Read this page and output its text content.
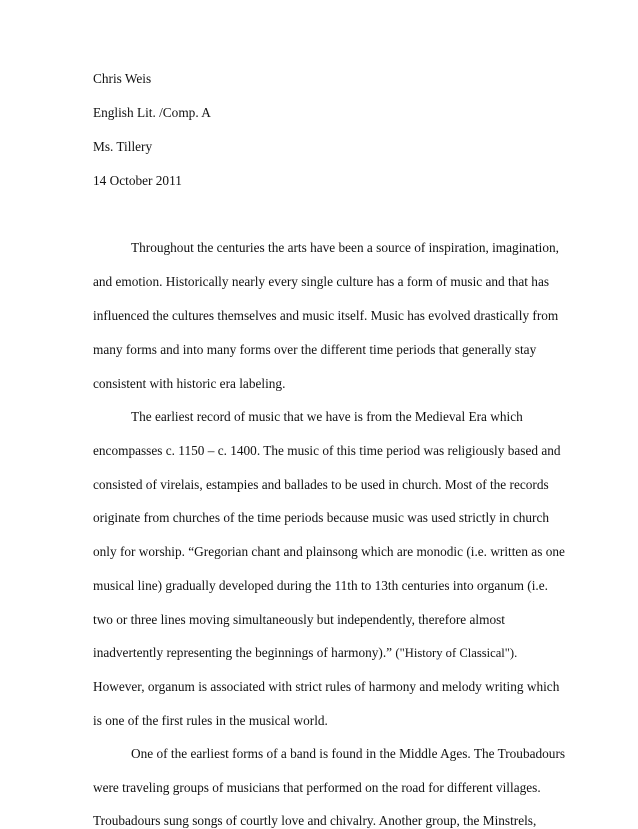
Chris Weis
English Lit. /Comp. A
Ms. Tillery
14 October 2011
Throughout the centuries the arts have been a source of inspiration, imagination,
and emotion. Historically nearly every single culture has a form of music and that has
influenced the cultures themselves and music itself. Music has evolved drastically from
many forms and into many forms over the different time periods that generally stay
consistent with historic era labeling.
The earliest record of music that we have is from the Medieval Era which
encompasses c. 1150 – c. 1400. The music of this time period was religiously based and
consisted of virelais, estampies and ballades to be used in church. Most of the records
originate from churches of the time periods because music was used strictly in church
only for worship. “Gregorian chant and plainsong which are monodic (i.e. written as one
musical line) gradually developed during the 11th to 13th centuries into organum (i.e.
two or three lines moving simultaneously but independently, therefore almost
inadvertently representing the beginnings of harmony).” ("History of Classical").
However, organum is associated with strict rules of harmony and melody writing which
is one of the first rules in the musical world.
One of the earliest forms of a band is found in the Middle Ages. The Troubadours
were traveling groups of musicians that performed on the road for different villages.
Troubadours sung songs of courtly love and chivalry. Another group, the Minstrels,
